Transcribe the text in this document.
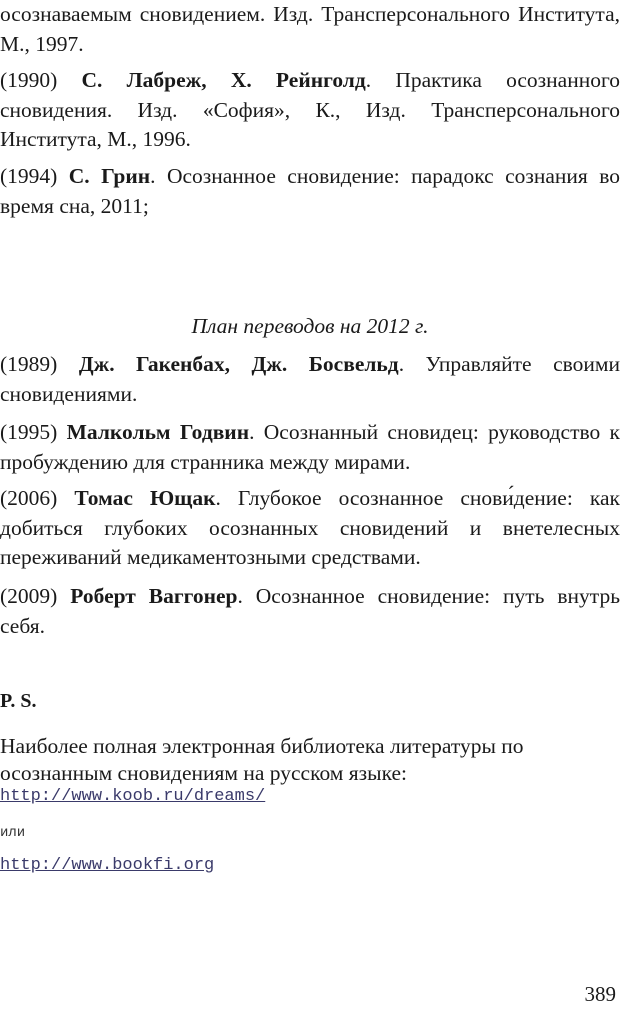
осознаваемым сновидением. Изд. Трансперсонального Института, М., 1997.

(1990) С. Лабреж, Х. Рейнголд. Практика осознанного сновидения. Изд. «София», К., Изд. Трансперсонального Института, М., 1996.

(1994) С. Грин. Осознанное сновидение: парадокс сознания во время сна, 2011;

План переводов на 2012 г.

(1989) Дж. Гакенбах, Дж. Босвельд. Управляйте своими сновидениями.

(1995) Малкольм Годвин. Осознанный сновидец: руководство к пробуждению для странника между мирами.

(2006) Томас Ющак. Глубокое осознанное снови́дение: как добиться глубоких осознанных сновидений и внетелесных переживаний медикаментозными средствами.

(2009) Роберт Ваггонер. Осознанное сновидение: путь внутрь себя.

P. S.
Наиболее полная электронная библиотека литературы по осознанным сновидениям на русском языке:
http://www.koob.ru/dreams/
или
http://www.bookfi.org
389
